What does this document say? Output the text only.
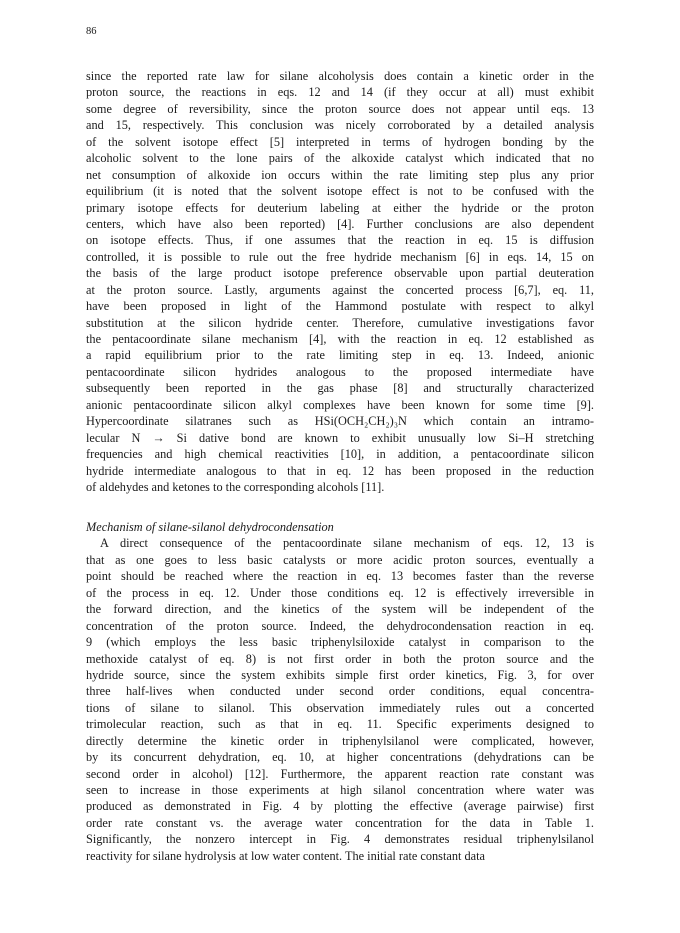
86
since the reported rate law for silane alcoholysis does contain a kinetic order in the
proton source, the reactions in eqs. 12 and 14 (if they occur at all) must exhibit
some degree of reversibility, since the proton source does not appear until eqs. 13
and 15, respectively. This conclusion was nicely corroborated by a detailed analysis
of the solvent isotope effect [5] interpreted in terms of hydrogen bonding by the
alcoholic solvent to the lone pairs of the alkoxide catalyst which indicated that no
net consumption of alkoxide ion occurs within the rate limiting step plus any prior
equilibrium (it is noted that the solvent isotope effect is not to be confused with the
primary isotope effects for deuterium labeling at either the hydride or the proton
centers, which have also been reported) [4]. Further conclusions are also dependent
on isotope effects. Thus, if one assumes that the reaction in eq. 15 is diffusion
controlled, it is possible to rule out the free hydride mechanism [6] in eqs. 14, 15 on
the basis of the large product isotope preference observable upon partial deuteration
at the proton source. Lastly, arguments against the concerted process [6,7], eq. 11,
have been proposed in light of the Hammond postulate with respect to alkyl
substitution at the silicon hydride center. Therefore, cumulative investigations favor
the pentacoordinate silane mechanism [4], with the reaction in eq. 12 established as
a rapid equilibrium prior to the rate limiting step in eq. 13. Indeed, anionic
pentacoordinate silicon hydrides analogous to the proposed intermediate have
subsequently been reported in the gas phase [8] and structurally characterized
anionic pentacoordinate silicon alkyl complexes have been known for some time [9].
Hypercoordinate silatranes such as HSi(OCH₂CH₂)₃N which contain an intramo-
lecular N → Si dative bond are known to exhibit unusually low Si–H stretching
frequencies and high chemical reactivities [10], in addition, a pentacoordinate silicon
hydride intermediate analogous to that in eq. 12 has been proposed in the reduction
of aldehydes and ketones to the corresponding alcohols [11].
Mechanism of silane-silanol dehydrocondensation
A direct consequence of the pentacoordinate silane mechanism of eqs. 12, 13 is
that as one goes to less basic catalysts or more acidic proton sources, eventually a
point should be reached where the reaction in eq. 13 becomes faster than the reverse
of the process in eq. 12. Under those conditions eq. 12 is effectively irreversible in
the forward direction, and the kinetics of the system will be independent of the
concentration of the proton source. Indeed, the dehydrocondensation reaction in eq.
9 (which employs the less basic triphenylsiloxide catalyst in comparison to the
methoxide catalyst of eq. 8) is not first order in both the proton source and the
hydride source, since the system exhibits simple first order kinetics, Fig. 3, for over
three half-lives when conducted under second order conditions, equal concentra-
tions of silane to silanol. This observation immediately rules out a concerted
trimolecular reaction, such as that in eq. 11. Specific experiments designed to
directly determine the kinetic order in triphenylsilanol were complicated, however,
by its concurrent dehydration, eq. 10, at higher concentrations (dehydrations can be
second order in alcohol) [12]. Furthermore, the apparent reaction rate constant was
seen to increase in those experiments at high silanol concentration where water was
produced as demonstrated in Fig. 4 by plotting the effective (average pairwise) first
order rate constant vs. the average water concentration for the data in Table 1.
Significantly, the nonzero intercept in Fig. 4 demonstrates residual triphenylsilanol
reactivity for silane hydrolysis at low water content. The initial rate constant data
